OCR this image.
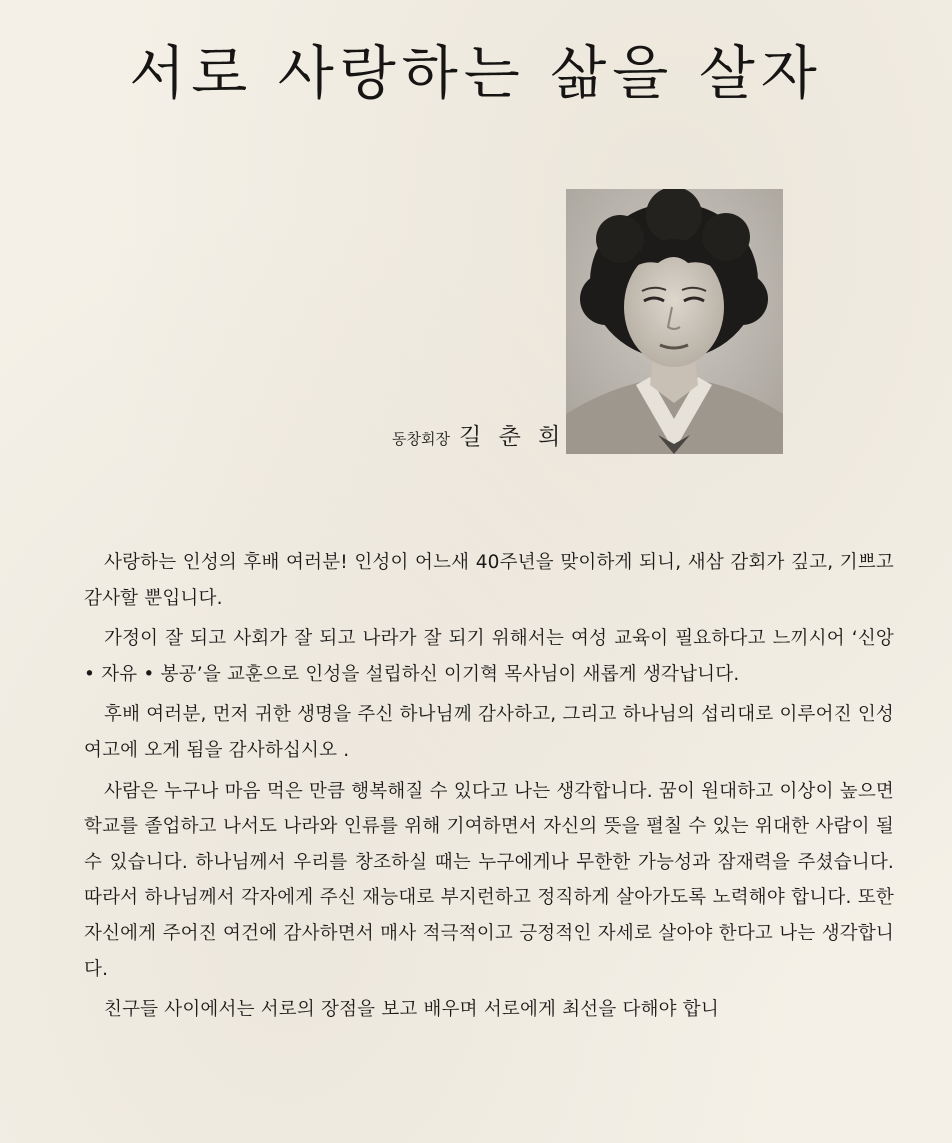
서로 사랑하는 삶을 살자
동창회장 길 춘 희

사랑하는 인성의 후배 여러분! 인성이 어느새 40주년을 맞이하게 되니, 새삼 감회가 깊고, 기쁘고 감사할 뿐입니다.

가정이 잘 되고 사회가 잘 되고 나라가 잘 되기 위해서는 여성 교육이 필요하다고 느끼시어 ‘신앙 • 자유 • 봉공’을 교훈으로 인성을 설립하신 이기혁 목사님이 새롭게 생각납니다.

후배 여러분, 먼저 귀한 생명을 주신 하나님께 감사하고, 그리고 하나님의 섭리대로 이루어진 인성여고에 오게 됨을 감사하십시오 .

사람은 누구나 마음 먹은 만큼 행복해질 수 있다고 나는 생각합니다. 꿈이 원대하고 이상이 높으면 학교를 졸업하고 나서도 나라와 인류를 위해 기여하면서 자신의 뜻을 펼칠 수 있는 위대한 사람이 될 수 있습니다. 하나님께서 우리를 창조하실 때는 누구에게나 무한한 가능성과 잠재력을 주셨습니다. 따라서 하나님께서 각자에게 주신 재능대로 부지런하고 정직하게 살아가도록 노력해야 합니다. 또한 자신에게 주어진 여건에 감사하면서 매사 적극적이고 긍정적인 자세로 살아야 한다고 나는 생각합니다.

친구들 사이에서는 서로의 장점을 보고 배우며 서로에게 최선을 다해야 합니
